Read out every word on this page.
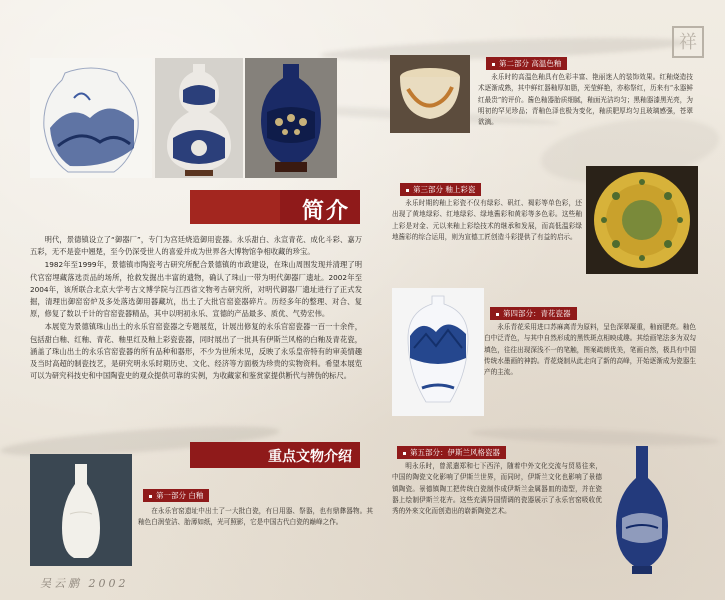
祥
简介

明代，景德镇设立了“御器厂”，专门为宫廷烧造御用瓷器。永乐甜白、永宣青花、成化斗彩、嘉万五彩，无不是瓷中翘楚，至今仍深受世人的喜爱并成为世界各大博物馆争相收藏的珍宝。

1982年至1999年，景德镇市陶瓷考古研究所配合景德镇的市政建设，在珠山周围发现并清理了明代官窑埋藏落选贡品的场所，抢救发掘出丰富的遗物，确认了珠山一带为明代御器厂遗址。2002年至2004年，该所联合北京大学考古文博学院与江西省文物考古研究所，对明代御器厂遗址进行了正式发掘，清理出御窑窑炉及多处落选御用器藏坑，出土了大批官窑瓷器碎片。历经多年的整理、对合、复原，修复了数以千计的官窑瓷器精品，其中以明初永乐、宣德的产品最多、质优、气势宏伟。

本展览为景德镇珠山出土的永乐官窑瓷器之专题展览，计展出修复的永乐官窑瓷器一百一十余件，包括甜白釉、红釉、青花、釉里红及釉上彩瓷瓷器，同时展出了一批具有伊斯兰风格的白釉及青花瓷，涵盖了珠山出土的永乐官窑瓷器的所有品种和器形，不少为世所未见，反映了永乐皇帝特有的审美情趣及当时高超的制瓷技艺，是研究明永乐时期历史、文化、经济等方面极为珍贵的实物资料。希望本展览可以为研究科技史和中国陶瓷史的观众提供可靠的实例，为收藏家和鉴赏家提供断代与辨伪的标尺。

重点文物介绍
第一部分 白釉
在永乐官窑遗址中出土了一大批白瓷，有日用器、祭器，也有鼎彝器物。其釉色白润莹洁、胎薄如纸，光可照影，它是中国古代白瓷的巅峰之作。
第二部分 高温色釉
永乐时的高温色釉具有色彩丰富、艳丽迷人的装饰效果。红釉烧造技术逐渐成熟，其中鲜红器釉厚如脂，光莹鲜艳，亦称祭红，历来有“永器鲜红最贵”的评价。酱色釉器胎质细腻，釉面光洁均匀；黑釉器漆黑光亮，为明初的罕见珍品；青釉色泽也极为变化，釉质肥厚均匀且玻璃感强，苍翠欲滴。
第三部分 釉上彩瓷
永乐时期的釉上彩瓷不仅有绿彩、矾红、褐彩等单色彩，还出现了黄地绿彩、红地绿彩、绿地酱彩和黄彩等多色彩。这些釉上彩是对金、元以来釉上彩绘技术的继承和发展，而高低温彩绿地酱彩的综合运用，则为宣德工匠创造斗彩提供了有益的启示。
第四部分：青花瓷器
永乐青花采用进口苏麻离青为原料，呈色深翠凝重，釉面肥亮。釉色白中泛青色，与其中自然形成的黑铁斑点相映成趣。其绘画笔法多为双勾填色，往往出现深浅不一的笔触，图案疏朗优美，笔画自然，极具有中国传统水墨画的神韵。青花烧制从此走向了新的高峰，开始逐渐成为瓷器生产的主流。
第五部分：伊斯兰风格瓷器
明永乐时，曾派遣郑和七下西洋，随着中外文化交流与贸易往来，中国的陶瓷文化影响了伊斯兰世界，而同时，伊斯兰文化也影响了景德镇陶瓷。景德镇陶工把传统白瓷制作成伊斯兰金属器皿的造型，并在瓷器上绘制伊斯兰花卉。这些充满异国情调的瓷器展示了永乐官窑吸收优秀的外来文化而创造出的崭新陶瓷艺术。
吴云鹏 2002
